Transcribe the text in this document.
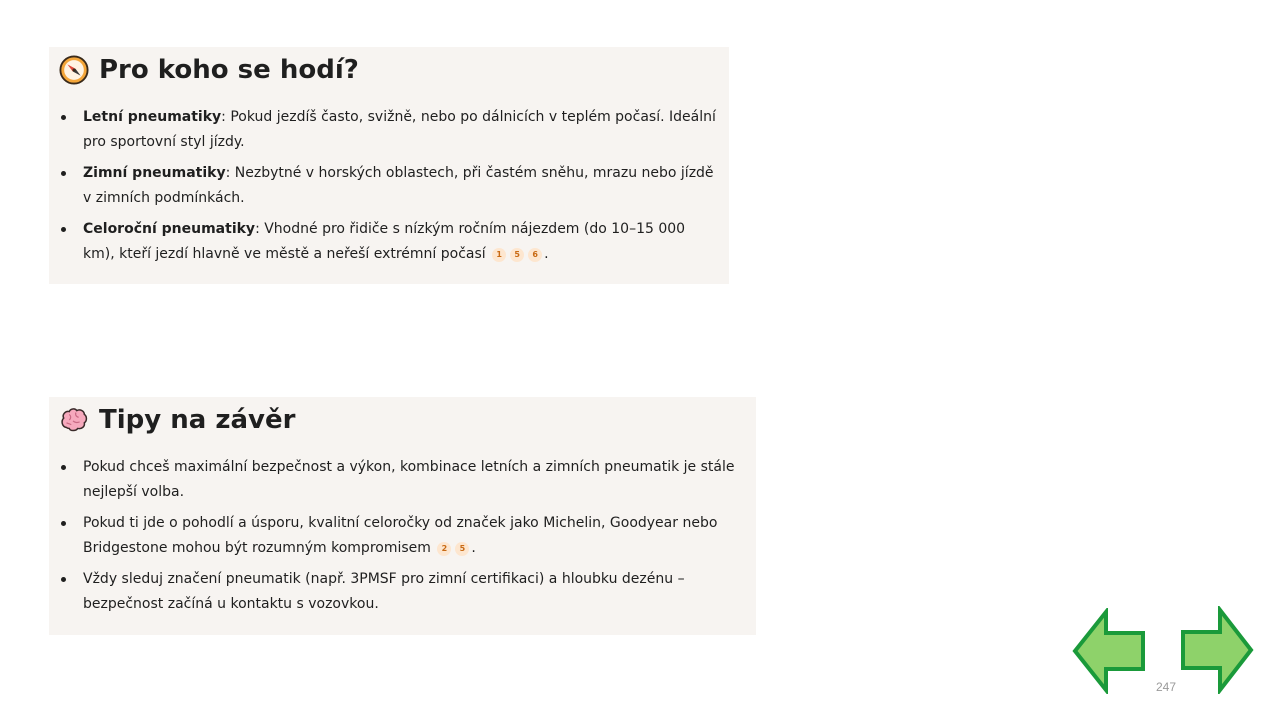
Pro koho se hodí?
Letní pneumatiky: Pokud jezdíš často, svižně, nebo po dálnicích v teplém počasí. Ideální pro sportovní styl jízdy.
Zimní pneumatiky: Nezbytné v horských oblastech, při častém sněhu, mrazu nebo jízdě v zimních podmínkách.
Celoroční pneumatiky: Vhodné pro řidiče s nízkým ročním nájezdem (do 10–15 000 km), kteří jezdí hlavně ve městě a neřeší extrémní počasí 1 5 6 .
Tipy na závěr
Pokud chceš maximální bezpečnost a výkon, kombinace letních a zimních pneumatik je stále nejlepší volba.
Pokud ti jde o pohodlí a úsporu, kvalitní celoročky od značek jako Michelin, Goodyear nebo Bridgestone mohou být rozumným kompromisem 2 5 .
Vždy sleduj značení pneumatik (např. 3PMSF pro zimní certifikaci) a hloubku dezénu – bezpečnost začíná u kontaktu s vozovkou.
247
